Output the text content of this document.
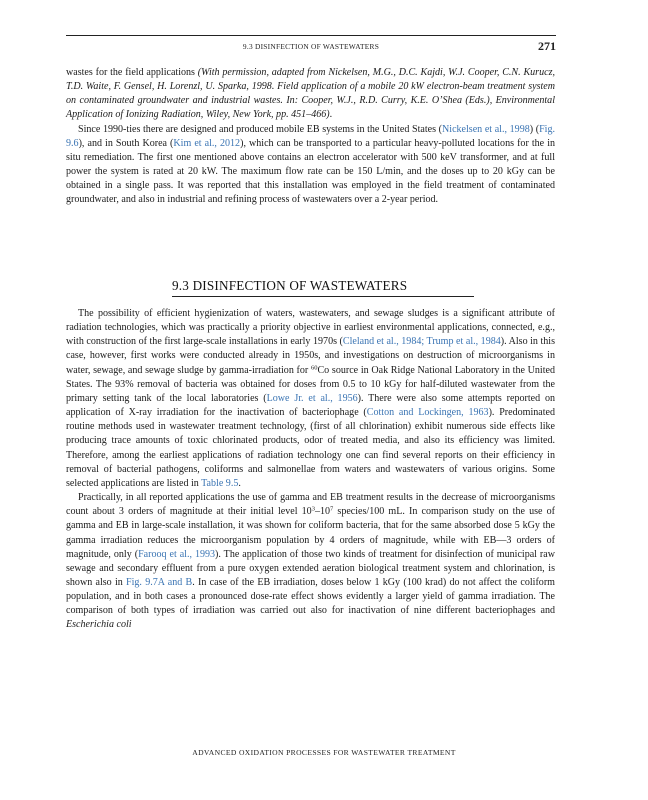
9.3 DISINFECTION OF WASTEWATERS	271

wastes for the field applications (With permission, adapted from Nickelsen, M.G., D.C. Kajdi, W.J. Cooper, C.N. Kurucz, T.D. Waite, F. Gensel, H. Lorenzl, U. Sparka, 1998. Field application of a mobile 20 kW electron-beam treatment system on contaminated groundwater and industrial wastes. In: Cooper, W.J., R.D. Curry, K.E. O’Shea (Eds.), Environmental Application of Ionizing Radiation, Wiley, New York, pp. 451–466).

Since 1990-ties there are designed and produced mobile EB systems in the United States (Nickelsen et al., 1998) (Fig. 9.6), and in South Korea (Kim et al., 2012), which can be transported to a particular heavy-polluted locations for the in situ remediation. The first one mentioned above contains an electron accelerator with 500 keV transformer, and at full power the system is rated at 20 kW. The maximum flow rate can be 150 L/min, and the doses up to 20 kGy can be obtained in a single pass. It was reported that this installation was employed in the field treatment of contaminated groundwater, and also in industrial and refining process of wastewaters over a 2-year period.

9.3 DISINFECTION OF WASTEWATERS

The possibility of efficient hygienization of waters, wastewaters, and sewage sludges is a significant attribute of radiation technologies, which was practically a priority objective in earliest environmental applications, connected, e.g., with construction of the first large-scale installations in early 1970s (Cleland et al., 1984; Trump et al., 1984). Also in this case, however, first works were conducted already in 1950s, and investigations on destruction of microorganisms in water, sewage, and sewage sludge by gamma-irradiation for $^{60}$Co source in Oak Ridge National Laboratory in the United States. The 93% removal of bacteria was obtained for doses from 0.5 to 10 kGy for half-diluted wastewater from the primary setting tank of the local laboratories (Lowe Jr. et al., 1956). There were also some attempts reported on application of X-ray irradiation for the inactivation of bacteriophage (Cotton and Lockingen, 1963). Predominated routine methods used in wastewater treatment technology, (first of all chlorination) exhibit numerous side effects like producing trace amounts of toxic chlorinated products, odor of treated media, and also its efficiency was limited. Therefore, among the earliest applications of radiation technology one can find several reports on their efficiency in removal of bacterial pathogens, coliforms and salmonellae from waters and wastewaters of various origins. Some selected applications are listed in Table 9.5.

Practically, in all reported applications the use of gamma and EB treatment results in the decrease of microorganisms count about 3 orders of magnitude at their initial level $10^3-10^7$ species/100 mL. In comparison study on the use of gamma and EB in large-scale installation, it was shown for coliform bacteria, that for the same absorbed dose 5 kGy the gamma irradiation reduces the microorganism population by 4 orders of magnitude, while with EB—3 orders of magnitude, only (Farooq et al., 1993). The application of those two kinds of treatment for disinfection of municipal raw sewage and secondary effluent from a pure oxygen extended aeration biological treatment system and chlorination, is shown also in Fig. 9.7A and B. In case of the EB irradiation, doses below 1 kGy (100 krad) do not affect the coliform population, and in both cases a pronounced dose-rate effect shows evidently a larger yield of gamma irradiation. The comparison of both types of irradiation was carried out also for inactivation of nine different bacteriophages and Escherichia coli

ADVANCED OXIDATION PROCESSES FOR WASTEWATER TREATMENT
